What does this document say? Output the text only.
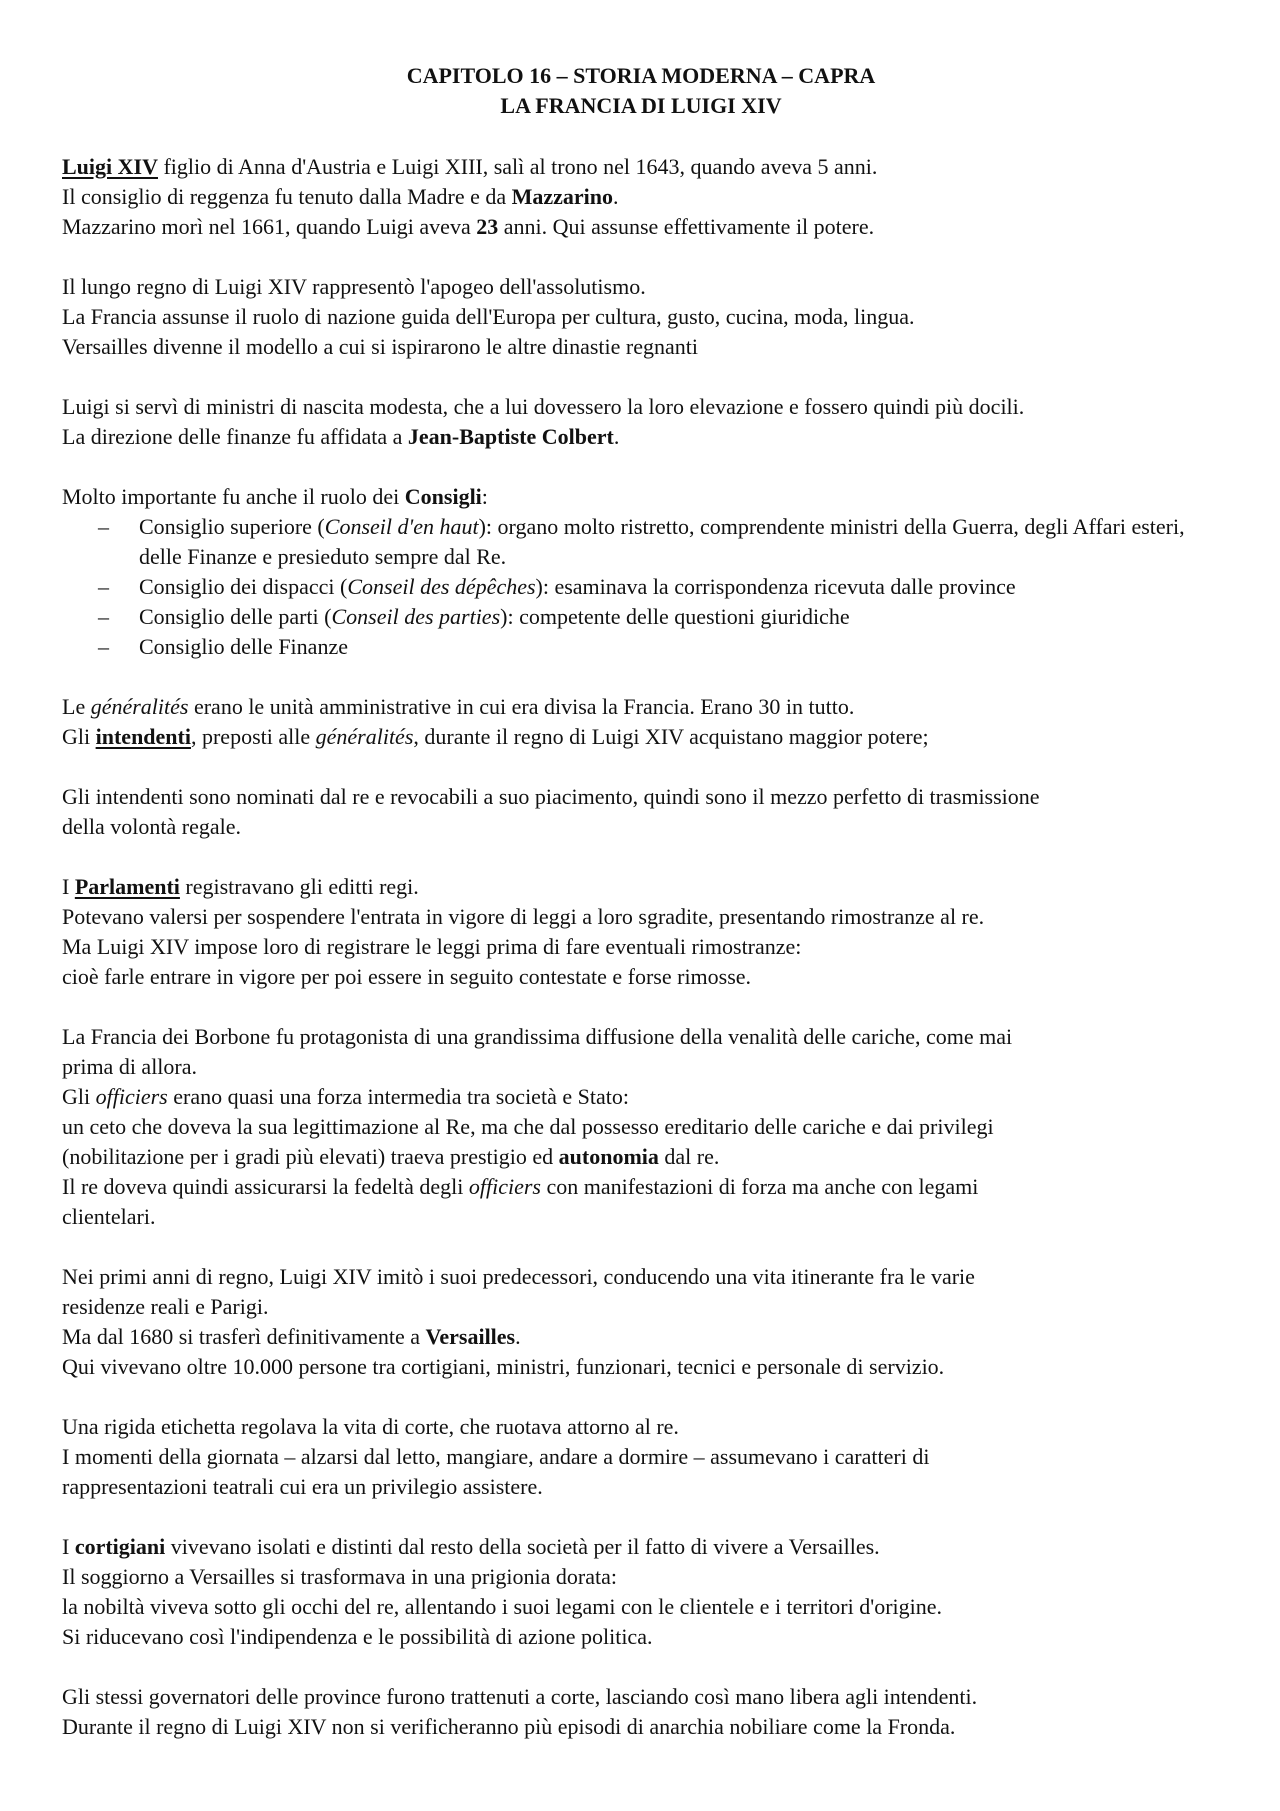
CAPITOLO 16 – STORIA MODERNA – CAPRA
LA FRANCIA DI LUIGI XIV

Luigi XIV figlio di Anna d'Austria e Luigi XIII, salì al trono nel 1643, quando aveva 5 anni.
Il consiglio di reggenza fu tenuto dalla Madre e da Mazzarino.
Mazzarino morì nel 1661, quando Luigi aveva 23 anni. Qui assunse effettivamente il potere.

Il lungo regno di Luigi XIV rappresentò l'apogeo dell'assolutismo.
La Francia assunse il ruolo di nazione guida dell'Europa per cultura, gusto, cucina, moda, lingua.
Versailles divenne il modello a cui si ispirarono le altre dinastie regnanti

Luigi si servì di ministri di nascita modesta, che a lui dovessero la loro elevazione e fossero quindi più docili.
La direzione delle finanze fu affidata a Jean-Baptiste Colbert.

Molto importante fu anche il ruolo dei Consigli:
– Consiglio superiore (Conseil d'en haut): organo molto ristretto, comprendente ministri della Guerra, degli Affari esteri, delle Finanze e presieduto sempre dal Re.
– Consiglio dei dispacci (Conseil des dépêches): esaminava la corrispondenza ricevuta dalle province
– Consiglio delle parti (Conseil des parties): competente delle questioni giuridiche
– Consiglio delle Finanze

Le généralités erano le unità amministrative in cui era divisa la Francia. Erano 30 in tutto.
Gli intendenti, preposti alle généralités, durante il regno di Luigi XIV acquistano maggior potere;

Gli intendenti sono nominati dal re e revocabili a suo piacimento, quindi sono il mezzo perfetto di trasmissione
della volontà regale.

I Parlamenti registravano gli editti regi.
Potevano valersi per sospendere l'entrata in vigore di leggi a loro sgradite, presentando rimostranze al re.
Ma Luigi XIV impose loro di registrare le leggi prima di fare eventuali rimostranze:
cioè farle entrare in vigore per poi essere in seguito contestate e forse rimosse.

La Francia dei Borbone fu protagonista di una grandissima diffusione della venalità delle cariche, come mai
prima di allora.
Gli officiers erano quasi una forza intermedia tra società e Stato:
un ceto che doveva la sua legittimazione al Re, ma che dal possesso ereditario delle cariche e dai privilegi
(nobilitazione per i gradi più elevati) traeva prestigio ed autonomia dal re.
Il re doveva quindi assicurarsi la fedeltà degli officiers con manifestazioni di forza ma anche con legami
clientelari.

Nei primi anni di regno, Luigi XIV imitò i suoi predecessori, conducendo una vita itinerante fra le varie
residenze reali e Parigi.
Ma dal 1680 si trasferì definitivamente a Versailles.
Qui vivevano oltre 10.000 persone tra cortigiani, ministri, funzionari, tecnici e personale di servizio.

Una rigida etichetta regolava la vita di corte, che ruotava attorno al re.
I momenti della giornata – alzarsi dal letto, mangiare, andare a dormire – assumevano i caratteri di
rappresentazioni teatrali cui era un privilegio assistere.

I cortigiani vivevano isolati e distinti dal resto della società per il fatto di vivere a Versailles.
Il soggiorno a Versailles si trasformava in una prigionia dorata:
la nobiltà viveva sotto gli occhi del re, allentando i suoi legami con le clientele e i territori d'origine.
Si riducevano così l'indipendenza e le possibilità di azione politica.

Gli stessi governatori delle province furono trattenuti a corte, lasciando così mano libera agli intendenti.
Durante il regno di Luigi XIV non si verificheranno più episodi di anarchia nobiliare come la Fronda.
